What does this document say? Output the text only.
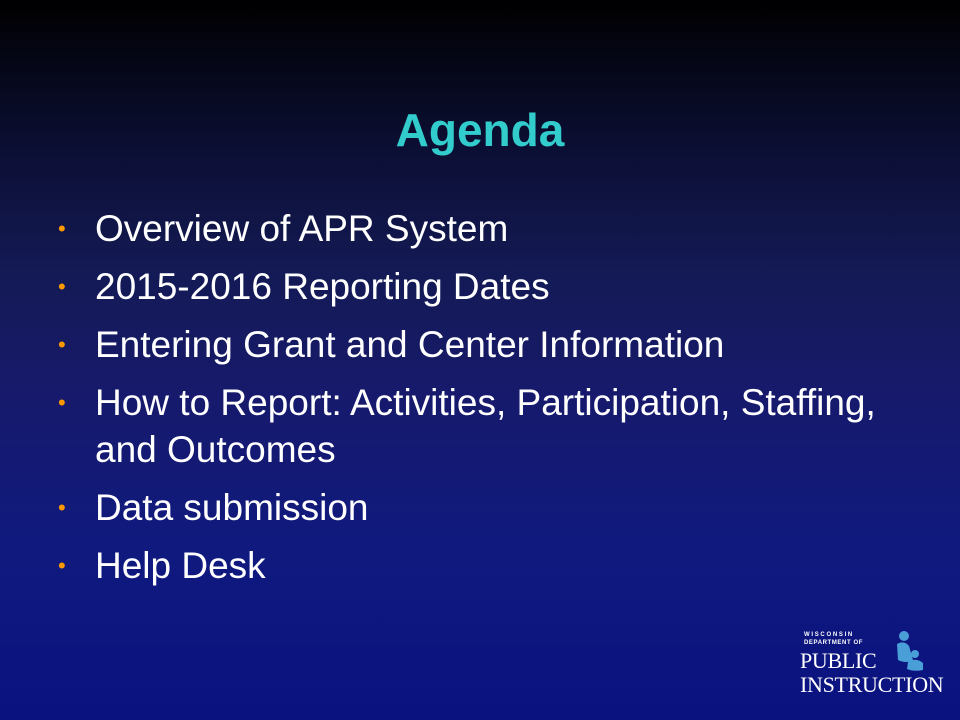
Agenda
• Overview of APR System
• 2015-2016 Reporting Dates
• Entering Grant and Center Information
• How to Report: Activities, Participation, Staffing, and Outcomes
• Data submission
• Help Desk
WISCONSIN
DEPARTMENT OF
PUBLIC
INSTRUCTION
